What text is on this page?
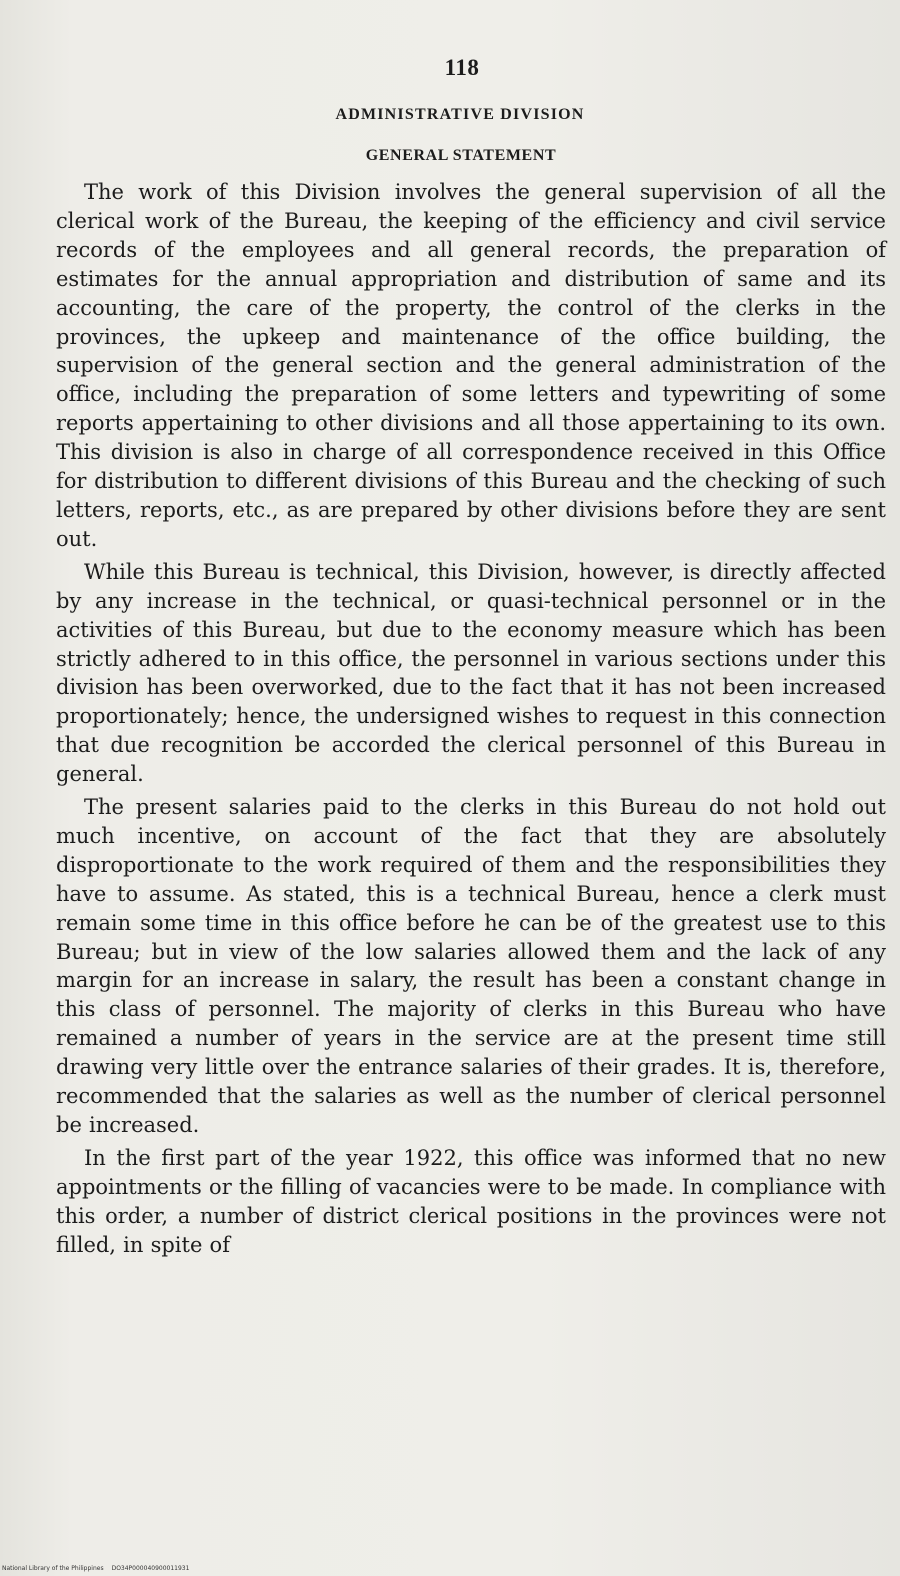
118
ADMINISTRATIVE DIVISION
GENERAL STATEMENT

The work of this Division involves the general supervision of all the clerical work of the Bureau, the keeping of the efficiency and civil service records of the employees and all general records, the preparation of estimates for the annual appropriation and distribution of same and its accounting, the care of the property, the control of the clerks in the provinces, the upkeep and maintenance of the office building, the supervision of the general section and the general administration of the office, including the preparation of some letters and typewriting of some reports appertaining to other divisions and all those appertaining to its own. This division is also in charge of all correspondence received in this Office for distribution to different divisions of this Bureau and the checking of such letters, reports, etc., as are prepared by other divisions before they are sent out.

While this Bureau is technical, this Division, however, is directly affected by any increase in the technical, or quasi-technical personnel or in the activities of this Bureau, but due to the economy measure which has been strictly adhered to in this office, the personnel in various sections under this division has been overworked, due to the fact that it has not been increased proportionately; hence, the undersigned wishes to request in this connection that due recognition be accorded the clerical personnel of this Bureau in general.

The present salaries paid to the clerks in this Bureau do not hold out much incentive, on account of the fact that they are absolutely disproportionate to the work required of them and the responsibilities they have to assume. As stated, this is a technical Bureau, hence a clerk must remain some time in this office before he can be of the greatest use to this Bureau; but in view of the low salaries allowed them and the lack of any margin for an increase in salary, the result has been a constant change in this class of personnel. The majority of clerks in this Bureau who have remained a number of years in the service are at the present time still drawing very little over the entrance salaries of their grades. It is, therefore, recommended that the salaries as well as the number of clerical personnel be increased.

In the first part of the year 1922, this office was informed that no new appointments or the filling of vacancies were to be made. In compliance with this order, a number of district clerical positions in the provinces were not filled, in spite of

National Library of the Philippines DO34P000040900011931
